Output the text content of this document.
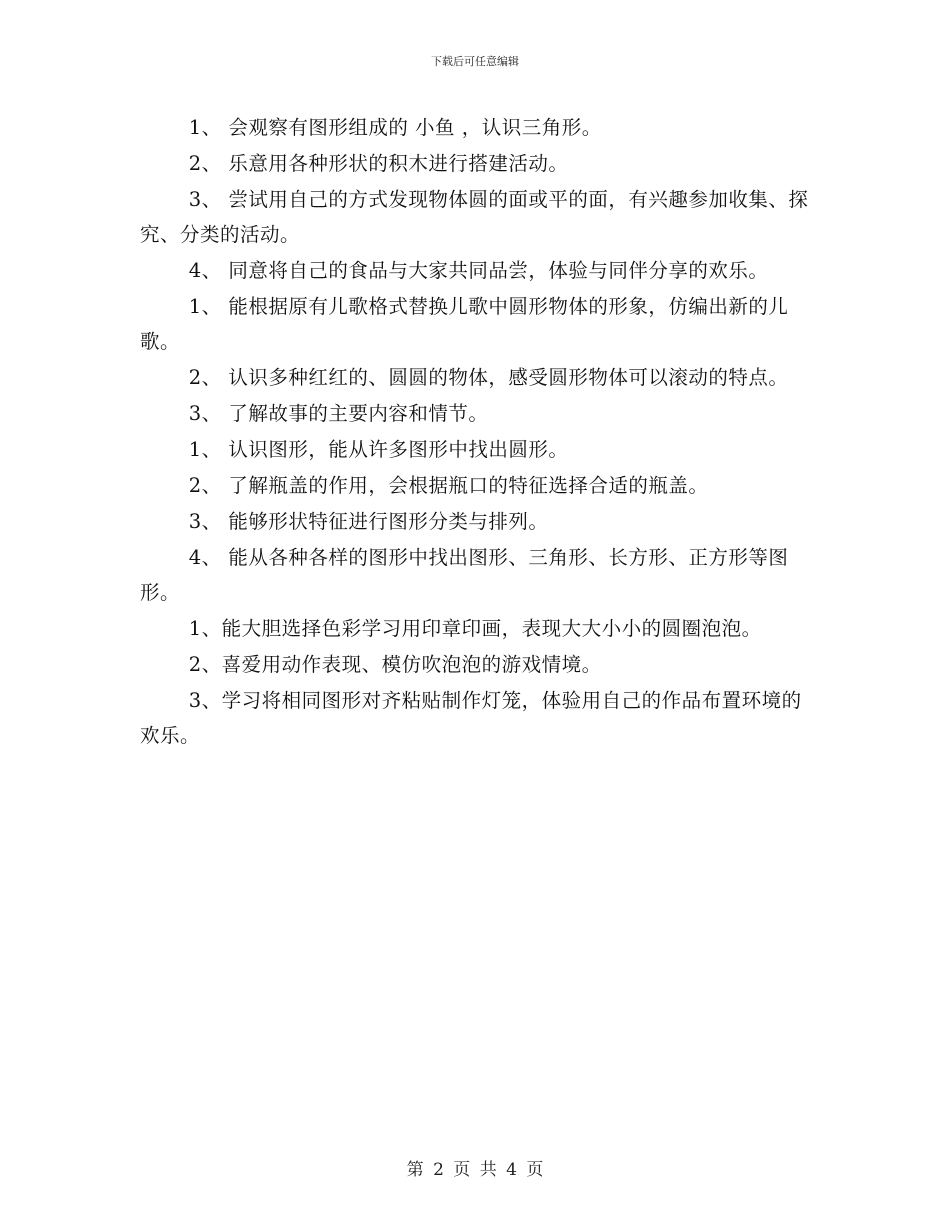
下载后可任意编辑

1、 会观察有图形组成的 小鱼 ，认识三角形。

2、 乐意用各种形状的积木进行搭建活动。

3、 尝试用自己的方式发现物体圆的面或平的面，有兴趣参加收集、探究、分类的活动。

4、 同意将自己的食品与大家共同品尝，体验与同伴分享的欢乐。

1、 能根据原有儿歌格式替换儿歌中圆形物体的形象，仿编出新的儿歌。

2、 认识多种红红的、圆圆的物体，感受圆形物体可以滚动的特点。

3、 了解故事的主要内容和情节。

1、 认识图形，能从许多图形中找出圆形。

2、 了解瓶盖的作用，会根据瓶口的特征选择合适的瓶盖。

3、 能够形状特征进行图形分类与排列。

4、 能从各种各样的图形中找出图形、三角形、长方形、正方形等图形。

1、能大胆选择色彩学习用印章印画，表现大大小小的圆圈泡泡。

2、喜爱用动作表现、模仿吹泡泡的游戏情境。

3、学习将相同图形对齐粘贴制作灯笼，体验用自己的作品布置环境的欢乐。

第 2 页 共 4 页
